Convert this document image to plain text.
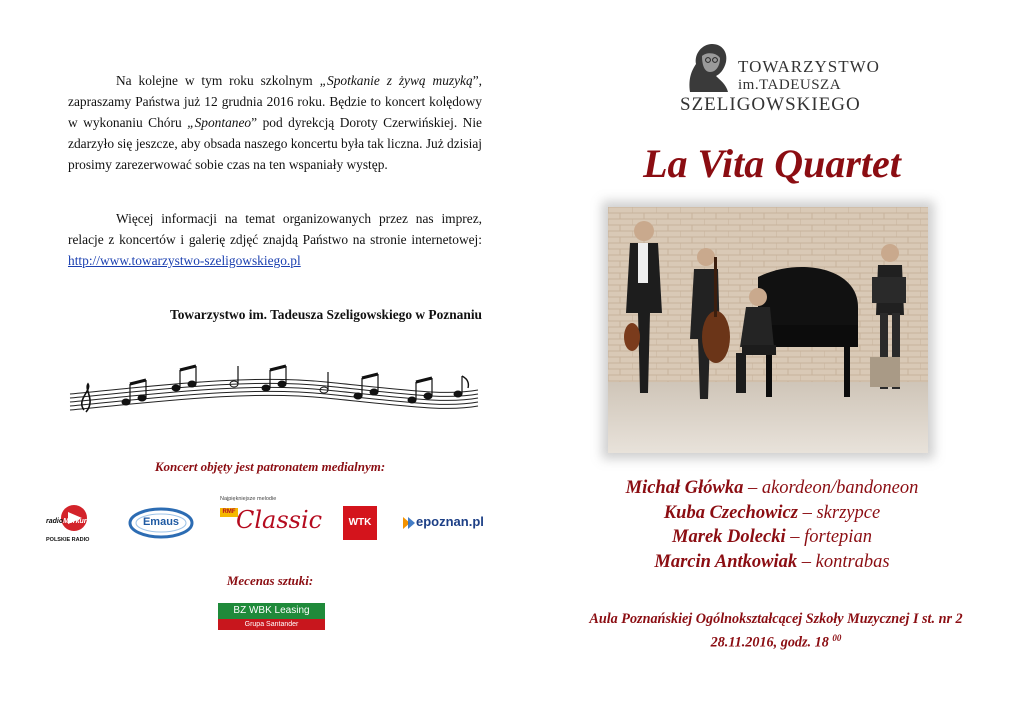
Na kolejne w tym roku szkolnym „Spotkanie z żywą muzyką”, zapraszamy Państwa już 12 grudnia 2016 roku. Będzie to koncert kolędowy w wykonaniu Chóru „Spontaneo” pod dyrekcją Doroty Czerwińskiej. Nie zdarzyło się jeszcze, aby obsada naszego koncertu była tak liczna. Już dzisiaj prosimy zarezerwować sobie czas na ten wspaniały występ.

Więcej informacji na temat organizowanych przez nas imprez, relacje z koncertów i galerię zdjęć znajdą Państwo na stronie internetowej: http://www.towarzystwo-szeligowskiego.pl

Towarzystwo im. Tadeusza Szeligowskiego w Poznaniu
Koncert objęty jest patronatem medialnym:
radioMerkury
POLSKIE RADIO
Emaus
Najpiękniejsze melodie
RMF Classic	WTK	epoznan.pl
Mecenas sztuki:
BZ WBK Leasing
Grupa Santander
TOWARZYSTWO
im.TADEUSZA
SZELIGOWSKIEGO
La Vita Quartet
Michał Główka – akordeon/bandoneon
Kuba Czechowicz – skrzypce
Marek Dolecki – fortepian
Marcin Antkowiak – kontrabas
Aula Poznańskiej Ogólnokształcącej Szkoły Muzycznej I st. nr 2
28.11.2016, godz. 18 $^{00}$
